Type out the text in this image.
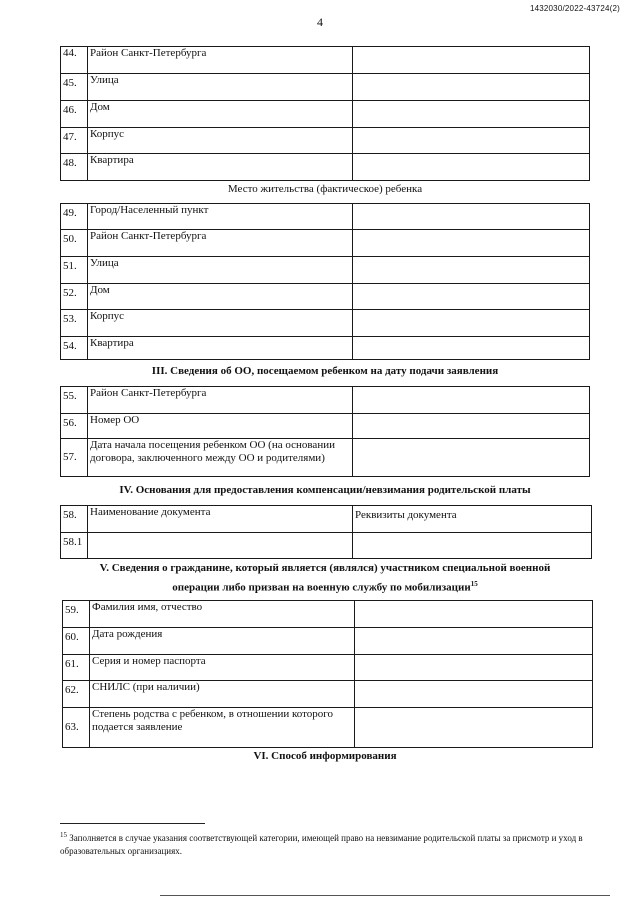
1432030/2022-43724(2)
4
44.	Район Санкт-Петербурга	
45.	Улица	
46.	Дом	
47.	Корпус	
48.	Квартира	
Место жительства (фактическое) ребенка
49.	Город/Населенный пункт	
50.	Район Санкт-Петербурга	
51.	Улица	
52.	Дом	
53.	Корпус	
54.	Квартира	
III. Сведения об ОО, посещаемом ребенком на дату подачи заявления
55.	Район Санкт-Петербурга	
56.	Номер ОО	
57.	Дата начала посещения ребенком ОО (на основании договора, заключенного между ОО и родителями)	
IV. Основания для предоставления компенсации/невзимания родительской платы
58.	Наименование документа	Реквизиты документа
58.1		
V. Сведения о гражданине, который является (являлся) участником специальной военной
операции либо призван на военную службу по мобилизации$^{15}$
59.	Фамилия имя, отчество	
60.	Дата рождения	
61.	Серия и номер паспорта	
62.	СНИЛС (при наличии)	
63.	Степень родства с ребенком, в отношении которого подается заявление	
VI. Способ информирования
$^{15}$ Заполняется в случае указания соответствующей категории, имеющей право на невзимание родительской платы за присмотр и уход в образовательных организациях.
